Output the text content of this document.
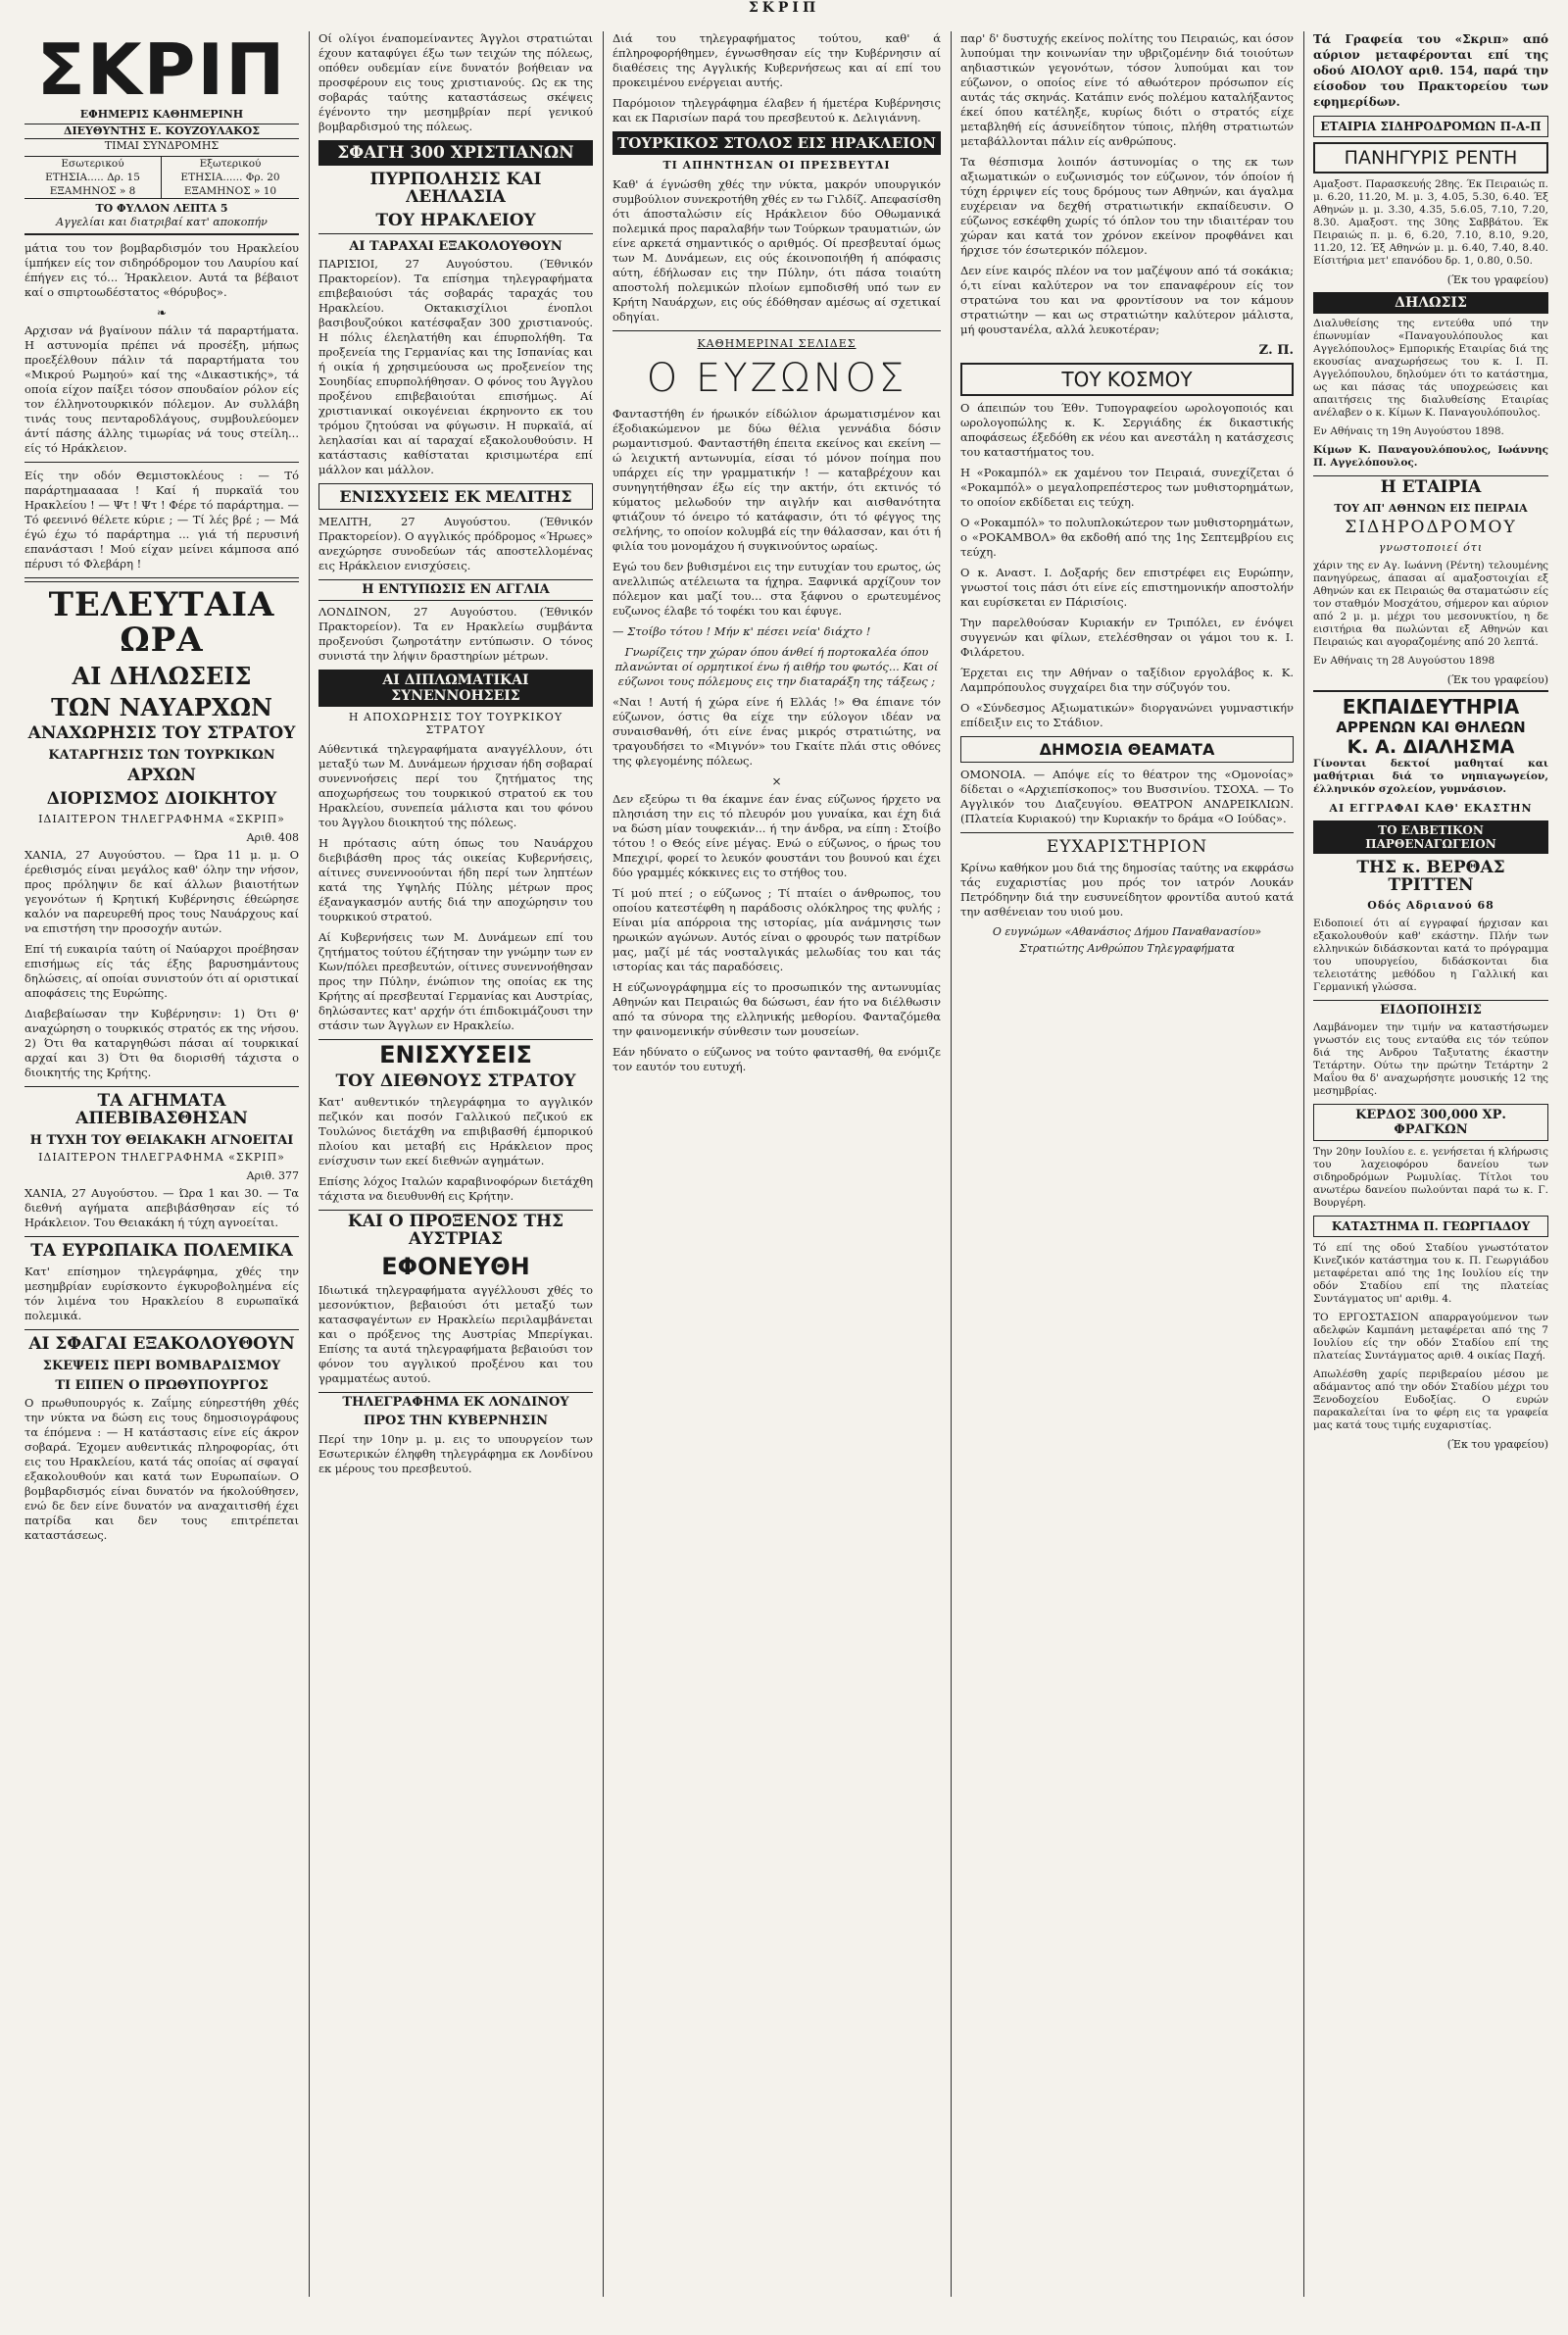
ΣΚΡΙΠ
ΣΚΡΙΠ
ΕΦΗΜΕΡΙΣ ΚΑΘΗΜΕΡΙΝΗ
ΔΙΕΥΘΥΝΤΗΣ Ε. ΚΟΥΖΟΥΛΑΚΟΣ
ΤΙΜΑΙ ΣΥΝΔΡΟΜΗΣ
Εσωτερικού	Εξωτερικού
ΕΤΗΣΙΑ..... Δρ. 15	ΕΤΗΣΙΑ...... Φρ. 20
ΕΞΑΜΗΝΟΣ » 8	ΕΞΑΜΗΝΟΣ » 10
ΤΟ ΦΥΛΛΟΝ ΛΕΠΤΑ 5
Αγγελίαι και διατριβαί κατ' αποκοπήν

μάτια του τον βομβαρδισμόν του Ηρακλείου ίμπήκεν είς τον σιδηρόδρομον του Λαυρίου καί έπήγεν εις τό... Ήρακλειον. Αυτά τα βέβαιοτ καί ο σπιρτοωδέστατος «θόρυβος».

❧

Αρχισαν νά βγαίνουν πάλιν τά παραρτήματα. Η αστυνομία πρέπει νά προσέξη, μήπως προεξέλθουν πάλιν τά παραρτήματα του «Μικρού Ρωμηού» καί της «Δικαστικής», τά οποία είχον παίξει τόσον σπουδαίον ρόλον είς τον έλληνοτουρκικόν πόλεμον. Αν συλλάβη τινάς τους πενταροδλάγους, συμβουλεύομεν άντί πάσης άλλης τιμωρίας νά τους στείλη... είς τό Ηράκλειον.

Είς την οδόν Θεμιστοκλέους : — Τό παράρτημααααα ! Καί ή πυρκαϊά του Ηρακλείου ! — Ψτ ! Ψτ ! Φέρε τό παράρτημα. — Τό φεενινό θέλετε κύριε ; — Τί λές βρέ ; — Μά έγώ έχω τό παράρτημα ... γιά τή περυσινή επανάστασι ! Μού είχαν μείνει κάμποσα από πέρυσι τό Φλεβάρη !

ΤΕΛΕΥΤΑΙΑ ΩΡΑ
ΑΙ ΔΗΛΩΣΕΙΣ
ΤΩΝ ΝΑΥΑΡΧΩΝ
ΑΝΑΧΩΡΗΣΙΣ ΤΟΥ ΣΤΡΑΤΟΥ
ΚΑΤΑΡΓΗΣΙΣ ΤΩΝ ΤΟΥΡΚΙΚΩΝ
ΑΡΧΩΝ
ΔΙΟΡΙΣΜΟΣ ΔΙΟΙΚΗΤΟΥ
ΙΔΙΑΙΤΕΡΟΝ ΤΗΛΕΓΡΑΦΗΜΑ «ΣΚΡΙΠ»
Αριθ. 408

ΧΑΝΙΑ, 27 Αυγούστου. — Ώρα 11 μ. μ. Ο έρεθισμός είναι μεγάλος καθ' όλην την νήσον, προς πρόληψιν δε καί άλλων βιαιοτήτων γεγονότων ή Κρητική Κυβέρνησις έθεώρησε καλόν να παρευρεθή προς τους Ναυάρχους καί να επιστήση την προσοχήν αυτών.

Επί τή ευκαιρία ταύτη οί Ναύαρχοι προέβησαν επισήμως είς τάς έξης βαρυσημάντους δηλώσεις, αί οποίαι συνιστούν ότι αί οριστικαί αποφάσεις της Ευρώπης.

Διαβεβαίωσαν την Κυβέρνησιν: 1) Ότι θ' αναχώρηση ο τουρκικός στρατός εκ της νήσου. 2) Ότι θα καταργηθώσι πάσαι αί τουρκικαί αρχαί και 3) Ότι θα διορισθή τάχιστα ο διοικητής της Κρήτης.

ΤΑ ΑΓΗΜΑΤΑ ΑΠΕΒΙΒΑΣΘΗΣΑΝ
Η ΤΥΧΗ ΤΟΥ ΘΕΙΑΚΑΚΗ ΑΓΝΟΕΙΤΑΙ
ΙΔΙΑΙΤΕΡΟΝ ΤΗΛΕΓΡΑΦΗΜΑ «ΣΚΡΙΠ»
Αριθ. 377

ΧΑΝΙΑ, 27 Αυγούστου. — Ώρα 1 και 30. — Τα διεθνή αγήματα απεβιβάσθησαν είς τό Ηράκλειον. Του Θειακάκη ή τύχη αγνοείται.

ΤΑ ΕΥΡΩΠΑΙΚΑ ΠΟΛΕΜΙΚΑ

Κατ' επίσημον τηλεγράφημα, χθές την μεσημβρίαν ευρίσκοντο έγκυροβολημένα είς τόν λιμένα του Ηρακλείου 8 ευρωπαϊκά πολεμικά.

ΑΙ ΣΦΑΓΑΙ ΕΞΑΚΟΛΟΥΘΟΥΝ
ΣΚΕΨΕΙΣ ΠΕΡΙ ΒΟΜΒΑΡΔΙΣΜΟΥ
ΤΙ ΕΙΠΕΝ Ο ΠΡΩΘΥΠΟΥΡΓΟΣ

Ο πρωθυπουργός κ. Ζαΐμης εύηρεστήθη χθές την νύκτα να δώση εις τους δημοσιογράφους τα έπόμενα : — Η κατάστασις είνε είς άκρον σοβαρά. Έχομεν αυθεντικάς πληροφορίας, ότι εις του Ηρακλείου, κατά τάς οποίας αί σφαγαί εξακολουθούν και κατά των Ευρωπαίων. Ο βομβαρδισμός είναι δυνατόν να ήκολούθησεν, ενώ δε δεν είνε δυνατόν να αναχαιτισθή έχει πατρίδα και δεν τους επιτρέπεται καταστάσεως.

Οί ολίγοι έναπομείναντες Άγγλοι στρατιώται έχουν καταφύγει έξω των τειχών της πόλεως, οπόθεν ουδεμίαν είνε δυνατόν βοήθειαν να προσφέρουν εις τους χριστιανούς. Ως εκ της σοβαράς ταύτης καταστάσεως σκέψεις έγένοντο την μεσημβρίαν περί γενικού βομβαρδισμού της πόλεως.

ΣΦΑΓΗ 300 ΧΡΙΣΤΙΑΝΩΝ
ΠΥΡΠΟΛΗΣΙΣ ΚΑΙ ΛΕΗΛΑΣΙΑ
ΤΟΥ ΗΡΑΚΛΕΙΟΥ
ΑΙ ΤΑΡΑΧΑΙ ΕΞΑΚΟΛΟΥΘΟΥΝ

ΠΑΡΙΣΙΟΙ, 27 Αυγούστου. (Έθνικόν Πρακτορείον). Τα επίσημα τηλεγραφήματα επιβεβαιούσι τάς σοβαράς ταραχάς του Ηρακλείου. Οκτακισχίλιοι ένοπλοι βασιβουζούκοι κατέσφαξαν 300 χριστιανούς. Η πόλις έλεηλατήθη και έπυρπολήθη. Τα προξενεία της Γερμανίας και της Ισπανίας και ή οικία ή χρησιμεύουσα ως προξενείον της Σουηδίας επυρπολήθησαν. Ο φόνος του Άγγλου προξένου επιβεβαιούται επισήμως. Αί χριστιανικαί οικογένειαι έκρηνοντο εκ του τρόμου ζητούσαι να φύγωσιν. Η πυρκαϊά, αί λεηλασίαι και αί ταραχαί εξακολουθούσιν. Η κατάστασις καθίσταται κρισιμωτέρα επί μάλλον και μάλλον.

ΕΝΙΣΧΥΣΕΙΣ ΕΚ ΜΕΛΙΤΗΣ

ΜΕΛΙΤΗ, 27 Αυγούστου. (Έθνικόν Πρακτορείον). Ο αγγλικός πρόδρομος «Ήρωες» ανεχώρησε συνοδεύων τάς αποστελλομένας εις Ηράκλειον ενισχύσεις.

Η ΕΝΤΥΠΩΣΙΣ ΕΝ ΑΓΓΛΙΑ

ΛΟΝΔΙΝΟΝ, 27 Αυγούστου. (Έθνικόν Πρακτορείον). Τα εν Ηρακλείω συμβάντα προξενούσι ζωηροτάτην εντύπωσιν. Ο τόνος συνιστά την λήψιν δραστηρίων μέτρων.

ΑΙ ΔΙΠΛΩΜΑΤΙΚΑΙ ΣΥΝΕΝΝΟΗΣΕΙΣ
Η ΑΠΟΧΩΡΗΣΙΣ ΤΟΥ ΤΟΥΡΚΙΚΟΥ ΣΤΡΑΤΟΥ

Αύθεντικά τηλεγραφήματα αναγγέλλουν, ότι μεταξύ των Μ. Δυνάμεων ήρχισαν ήδη σοβαραί συνεννοήσεις περί του ζητήματος της αποχωρήσεως του τουρκικού στρατού εκ του Ηρακλείου, συνεπεία μάλιστα και του φόνου του Άγγλου διοικητού της πόλεως.

Η πρότασις αύτη όπως του Ναυάρχου διεβιβάσθη προς τάς οικείας Κυβερνήσεις, αίτινες συνεννοούνται ήδη περί των ληπτέων κατά της Υψηλής Πύλης μέτρων προς έξαναγκασμόν αυτής διά την αποχώρησιν του τουρκικού στρατού.

Αί Κυβερνήσεις των Μ. Δυνάμεων επί του ζητήματος τούτου έζήτησαν την γνώμην των εν Κων/πόλει πρεσβευτών, οίτινες συνεννοήθησαν προς την Πύλην, ένώπιον της οποίας εκ της Κρήτης αί πρεσβευταί Γερμανίας και Αυστρίας, δηλώσαντες κατ' αρχήν ότι έπιδοκιμάζουσι την στάσιν των Άγγλων εν Ηρακλείω.

ΕΝΙΣΧΥΣΕΙΣ
ΤΟΥ ΔΙΕΘΝΟΥΣ ΣΤΡΑΤΟΥ

Κατ' αυθεντικόν τηλεγράφημα το αγγλικόν πεζικόν και ποσόν Γαλλικού πεζικού εκ Τουλώνος διετάχθη να επιβιβασθή έμπορικού πλοίου και μεταβή εις Ηράκλειον προς ενίσχυσιν των εκεί διεθνών αγημάτων.

Επίσης λόχος Ιταλών καραβινοφόρων διετάχθη τάχιστα να διευθυνθή εις Κρήτην.

ΚΑΙ Ο ΠΡΟΞΕΝΟΣ ΤΗΣ ΑΥΣΤΡΙΑΣ
ΕΦΟΝΕΥΘΗ

Ιδιωτικά τηλεγραφήματα αγγέλλουσι χθές το μεσονύκτιον, βεβαιούσι ότι μεταξύ των κατασφαγέντων εν Ηρακλείω περιλαμβάνεται και ο πρόξενος της Αυστρίας Μπερίγκαι. Επίσης τα αυτά τηλεγραφήματα βεβαιούσι τον φόνον του αγγλικού προξένου και του γραμματέως αυτού.

ΤΗΛΕΓΡΑΦΗΜΑ ΕΚ ΛΟΝΔΙΝΟΥ
ΠΡΟΣ ΤΗΝ ΚΥΒΕΡΝΗΣΙΝ

Περί την 10ην μ. μ. εις το υπουργείον των Εσωτερικών έληφθη τηλεγράφημα εκ Λονδίνου εκ μέρους του πρεσβευτού.

Διά του τηλεγραφήματος τούτου, καθ' ά έπληροφορήθημεν, έγνωσθησαν είς την Κυβέρνησιν αί διαθέσεις της Αγγλικής Κυβερνήσεως και αί επί του προκειμένου ενέργειαι αυτής.

Παρόμοιον τηλεγράφημα έλαβεν ή ήμετέρα Κυβέρνησις και εκ Παρισίων παρά του πρεσβευτού κ. Δελιγιάννη.

ΤΟΥΡΚΙΚΟΣ ΣΤΟΛΟΣ ΕΙΣ ΗΡΑΚΛΕΙΟΝ
ΤΙ ΑΠΗΝΤΗΣΑΝ ΟΙ ΠΡΕΣΒΕΥΤΑΙ

Καθ' ά έγνώσθη χθές την νύκτα, μακρόν υπουργικόν συμβούλιον συνεκροτήθη χθές εν τω Γιλδίζ. Απεφασίσθη ότι άποσταλώσιν είς Ηράκλειον δύο Οθωμανικά πολεμικά προς παραλαβήν των Τούρκων τραυματιών, ών είνε αρκετά σημαντικός ο αριθμός. Οί πρεσβευταί όμως των Μ. Δυνάμεων, εις ούς έκοινοποιήθη ή απόφασις αύτη, έδήλωσαν εις την Πύλην, ότι πάσα τοιαύτη αποστολή πολεμικών πλοίων εμποδισθή υπό των εν Κρήτη Ναυάρχων, εις ούς έδόθησαν αμέσως αί σχετικαί οδηγίαι.

ΚΑΘΗΜΕΡΙΝΑΙ ΣΕΛΙΔΕΣ
Ο ΕΥΖΩΝΟΣ

Φανταστήθη έν ήρωικόν είδώλιον άρωματισμένον και έξοδιακώμενον με δύω θέλια γεννάδια δόσιν ρωμαντισμού. Φανταστήθη έπειτα εκείνος και εκείνη — ώ λειχικτή αντωνυμία, είσαι τό μόνον ποίημα που υπάρχει είς την γραμματικήν ! — καταβρέχουν και συνηγητήθησαν έξω είς την ακτήν, ότι εκτινός τό κύματος μελωδούν την αιγλήν και αισθανότητα φτιάζουν τό όνειρο τό κατάφασιν, ότι τό φέγγος της σελήνης, το οποίον κολυμβά είς την θάλασσαν, και ότι ή φιλία του μονομάχου ή συγκινούντος ωραίως.

Εγώ του δεν βυθισμένοι εις την ευτυχίαν του ερωτος, ώς ανελλιπώς ατέλειωτα τα ήχηρα. Ξαφνικά αρχίζουν τον πόλεμον και μαζί του... στα ξάφνου ο ερωτευμένος ευζωνος έλαβε τό τοφέκι του και έφυγε.

— Στοίβο τότου ! Μήν κ' πέσει νεία' διάχτο !

Γνωρίζεις την χώραν όπου άνθεί ή πορτοκαλέα όπου πλανώνται οί ορμητικοί ένω ή αιθήρ του φωτός... Και οί εύζωνοι τους πόλεμους εις την διαταράξη της τάξεως ;

«Ναι ! Αυτή ή χώρα είνε ή Ελλάς !» Θα έπιανε τόν εύζωνον, όστις θα είχε την εύλογον ιδέαν να συναισθανθή, ότι είνε ένας μικρός στρατιώτης, να τραγουδήσει το «Μιγνόν» του Γκαίτε πλάι στις οθόνες της φλεγομένης πόλεως.

×

Δεν εξεύρω τι θα έκαμνε έαν ένας εύζωνος ήρχετο να πλησιάση την εις τό πλευρόν μου γυναίκα, και έχη διά να δώση μίαν τουφεκιάν... ή την άνδρα, να είπη : Στοίβο τότου ! ο Θεός είνε μέγας. Ενώ ο εύζωνος, ο ήρως του Μπεχιρί, φορεί το λευκόν φουστάνι του βουνού και έχει δύο γραμμές κόκκινες εις το στήθος του.

Τί μού πτεί ; ο εύζωνος ; Τί πταίει ο άνθρωπος, του οποίου κατεστέφθη η παράδοσις ολόκληρος της φυλής ; Είναι μία απόρροια της ιστορίας, μία ανάμνησις των ηρωικών αγώνων. Αυτός είναι ο φρουρός των πατρίδων μας, μαζί μέ τάς νοσταλγικάς μελωδίας του και τάς ιστορίας και τάς παραδόσεις.

Η εύζωνογράφημμα είς το προσωπικόν της αντωνυμίας Αθηνών και Πειραιώς θα δώσωσι, έαν ήτο να διέλθωσιν από τα σύνορα της ελληνικής μεθορίου. Φανταζόμεθα την φαινομενικήν σύνθεσιν των μουσείων.

Εάν ηδύνατο ο εύζωνος να τούτο φαντασθή, θα ενόμιζε τον εαυτόν του ευτυχή.

παρ' δ' δυστυχής εκείνος πολίτης του Πειραιώς, και όσον λυπούμαι την κοινωνίαν την υβριζομένην διά τοιούτων αηδιαστικών γεγονότων, τόσον λυπούμαι και τον εύζωνον, ο οποίος είνε τό αθωότερον πρόσωπον είς αυτάς τάς σκηνάς. Κατάπιν ενός πολέμου καταλήξαντος έκεί όπου κατέληξε, κυρίως διότι ο στρατός είχε μεταβληθή είς άσυνείδητον τύποις, πλήθη στρατιωτών μεταβάλλονται πάλιν είς ανθρώπους.

Τα θέσπισμα λοιπόν άστυνομίας ο της εκ των αξιωματικών ο ευζωνισμός τον εύζωνον, τόν όποίον ή τύχη έρριψεν είς τους δρόμους των Αθηνών, και άγαλμα ευχέρειαν να δεχθή στρατιωτικήν εκπαίδευσιν. Ο εύζωνος εσκέφθη χωρίς τό όπλον του την ιδιαιτέραν του χώραν και κατά τον χρόνον εκείνον προφθάνει και ήρχισε τόν έσωτερικόν πόλεμον.

Δεν είνε καιρός πλέον να τον μαζέψουν από τά σοκάκια; ό,τι είναι καλύτερον να τον επαναφέρουν είς τον στρατώνα του και να φροντίσουν να τον κάμουν στρατιώτην — και ως στρατιώτην καλύτερον μάλιστα, μή φουστανέλα, αλλά λευκοτέραν;

Ζ. Π.
ΤΟΥ ΚΟΣΜΟΥ

Ο άπειπών του Έθν. Τυπογραφείου ωρολογοποιός και ωρολογοπώλης κ. Κ. Σεργιάδης έκ δικαστικής αποφάσεως έξεδόθη εκ νέου και ανεστάλη η κατάσχεσις του καταστήματος του.

Η «Ροκαμπόλ» εκ χαμένου τον Πειραιά, συνεχίζεται ό «Ροκαμπόλ» ο μεγαλοπρεπέστερος των μυθιστορημάτων, το οποίον εκδίδεται εις τεύχη.

Ο «Ροκαμπόλ» το πολυπλοκώτερον των μυθιστορημάτων, ο «ΡΟΚΑΜΒΟΛ» θα εκδοθή από της 1ης Σεπτεμβρίου εις τεύχη.

Ο κ. Αναστ. Ι. Δοξαρής δεν επιστρέφει εις Ευρώπην, γνωστοί τοις πάσι ότι είνε είς επιστημονικήν αποστολήν και ευρίσκεται εν Πάρισίοις.

Την παρελθούσαν Κυριακήν εν Τριπόλει, εν ένόψει συγγενών και φίλων, ετελέσθησαν οι γάμοι του κ. Ι. Φιλάρετου.

Έρχεται εις την Αθήναν ο ταξίδιον εργολάβος κ. Κ. Λαμπρόπουλος συγχαίρει δια την σύζυγόν του.

Ο «Σύνδεσμος Αξιωματικών» διοργανώνει γυμναστικήν επίδειξιν εις το Στάδιον.

ΔΗΜΟΣΙΑ ΘΕΑΜΑΤΑ

ΟΜΟΝΟΙΑ. — Απόψε είς το θέατρον της «Ομονοίας» δίδεται ο «Αρχιεπίσκοπος» του Βυσσινίου. ΤΣΟΧΑ. — Το Αγγλικόν του Διαζευγίου. ΘΕΑΤΡΟΝ ΑΝΔΡΕΙΚΛΙΩΝ. (Πλατεία Κυριακού) την Κυριακήν το δράμα «Ο Ιούδας».

ΕΥΧΑΡΙΣΤΗΡΙΟΝ

Κρίνω καθήκον μου διά της δημοσίας ταύτης να εκφράσω τάς ευχαριστίας μου πρός τον ιατρόν Λουκάν Πετρόδηνην διά την ευσυνείδητον φροντίδα αυτού κατά την ασθένειαν του υιού μου.

Ο ευγνώμων «Αθανάσιος Δήμου Παναθανασίου»
Στρατιώτης Ανθρώπου Τηλεγραφήματα

Τά Γραφεία του «Σκριπ» από αύριον μεταφέρονται επί της οδού ΑΙΟΛΟΥ αριθ. 154, παρά την είσοδον του Πρακτορείου των εφημερίδων.

ΕΤΑΙΡΙΑ ΣΙΔΗΡΟΔΡΟΜΩΝ Π-Α-Π
ΠΑΝΗΓΥΡΙΣ ΡΕΝΤΗ

Αμαξοστ. Παρασκευής 28ης. Έκ Πειραιώς π. μ. 6.20, 11.20, Μ. μ. 3, 4.05, 5.30, 6.40. Έξ Αθηνών μ. μ. 3.30, 4.35, 5.6.05, 7.10, 7.20, 8.30. Αμαξοστ. της 30ης Σαββάτου. Έκ Πειραιώς π. μ. 6, 6.20, 7.10, 8.10, 9.20, 11.20, 12. Έξ Αθηνών μ. μ. 6.40, 7.40, 8.40. Είσιτήρια μετ' επανόδου δρ. 1, 0.80, 0.50.

(Έκ του γραφείου)
ΔΗΛΩΣΙΣ

Διαλυθείσης της εντεύθα υπό την έπωνυμίαν «Παναγουλόπουλος και Αγγελόπουλος» Εμπορικής Εταιρίας διά της εκουσίας αναχωρήσεως του κ. Ι. Π. Αγγελόπουλου, δηλούμεν ότι το κατάστημα, ως και πάσας τάς υποχρεώσεις και απαιτήσεις της διαλυθείσης Εταιρίας ανέλαβεν ο κ. Κίμων Κ. Παναγουλόπουλος.

Εν Αθήναις τη 19η Αυγούστου 1898.

Κίμων Κ. Παναγουλόπουλος, Ιωάννης Π. Αγγελόπουλος.

Η ΕΤΑΙΡΙΑ
ΤΟΥ ΑΠ' ΑΘΗΝΩΝ ΕΙΣ ΠΕΙΡΑΙΑ
ΣΙΔΗΡΟΔΡΟΜΟΥ
γνωστοποιεί ότι

χάριν της εν Αγ. Ιωάννη (Ρέντη) τελουμένης πανηγύρεως, άπασαι αί αμαξοστοιχίαι εξ Αθηνών και εκ Πειραιώς θα σταματώσιν είς τον σταθμόν Μοσχάτου, σήμερον και αύριον από 2 μ. μ. μέχρι του μεσονυκτίου, η δε εισιτήρια θα πωλώνται εξ Αθηνών και Πειραιώς και αγοραζομένης από 20 λεπτά.

Εν Αθήναις τη 28 Αυγούστου 1898

(Έκ του γραφείου)
ΕΚΠΑΙΔΕΥΤΗΡΙΑ
ΑΡΡΕΝΩΝ ΚΑΙ ΘΗΛΕΩΝ
Κ. Α. ΔΙΑΛΗΣΜΑ

Γίνονται δεκτοί μαθηταί και μαθήτριαι διά το νηπιαγωγείον, έλληνικόν σχολείον, γυμνάσιον.

ΑΙ ΕΓΓΡΑΦΑΙ ΚΑΘ' ΕΚΑΣΤΗΝ
ΤΟ ΕΛΒΕΤΙΚΟΝ ΠΑΡΘΕΝΑΓΩΓΕΙΟΝ
ΤΗΣ κ. ΒΕΡΘΑΣ ΤΡΙΤΤΕΝ
Οδός Αδριανού 68

Ειδοποιεί ότι αί εγγραφαί ήρχισαν και εξακολουθούν καθ' εκάστην. Πλήν των ελληνικών διδάσκονται κατά το πρόγραμμα του υπουργείου, διδάσκονται δια τελειοτάτης μεθόδου η Γαλλική και Γερμανική γλώσσα.

ΕΙΔΟΠΟΙΗΣΙΣ

Λαμβάνομεν την τιμήν να καταστήσωμεν γνωστόν εις τους ενταύθα εις τόν τεύπον διά της Ανδρου Ταξυτατης έκαστην Τετάρτην. Ούτω την πρώτην Τετάρτην 2 Μαΐου θα δ' αναχωρήσητε μουσικής 12 της μεσημβρίας.

ΚΕΡΔΟΣ 300,000 ΧΡ. ΦΡΑΓΚΩΝ

Την 20ην Ιουλίου ε. ε. γενήσεται ή κλήρωσις του λαχειοφόρου δανείου των σιδηροδρόμων Ρωμυλίας. Τίτλοι του ανωτέρω δανείου πωλούνται παρά τω κ. Γ. Βουργέρη.

ΚΑΤΑΣΤΗΜΑ Π. ΓΕΩΡΓΙΑΔΟΥ

Τό επί της οδού Σταδίου γνωστότατον Κινεζικόν κατάστημα του κ. Π. Γεωργιάδου μεταφέρεται από της 1ης Ιουλίου είς την οδόν Σταδίου επί της πλατείας Συντάγματος υπ' αριθμ. 4.

ΤΟ ΕΡΓΟΣΤΑΣΙΟΝ απαρραγούμενον των αδελφών Καμπάνη μεταφέρεται από της 7 Ιουλίου είς την οδόν Σταδίου επί της πλατείας Συντάγματος αριθ. 4 οικίας Παχή.

Απωλέσθη χαρίς περιβεραίου μέσου με αδάμαντος από την οδόν Σταδίου μέχρι του Ξενοδοχείου Ευδοξίας. Ο ευρών παρακαλείται ίνα το φέρη εις τα γραφεία μας κατά τους τιμής ευχαριστίας.

(Έκ του γραφείου)
